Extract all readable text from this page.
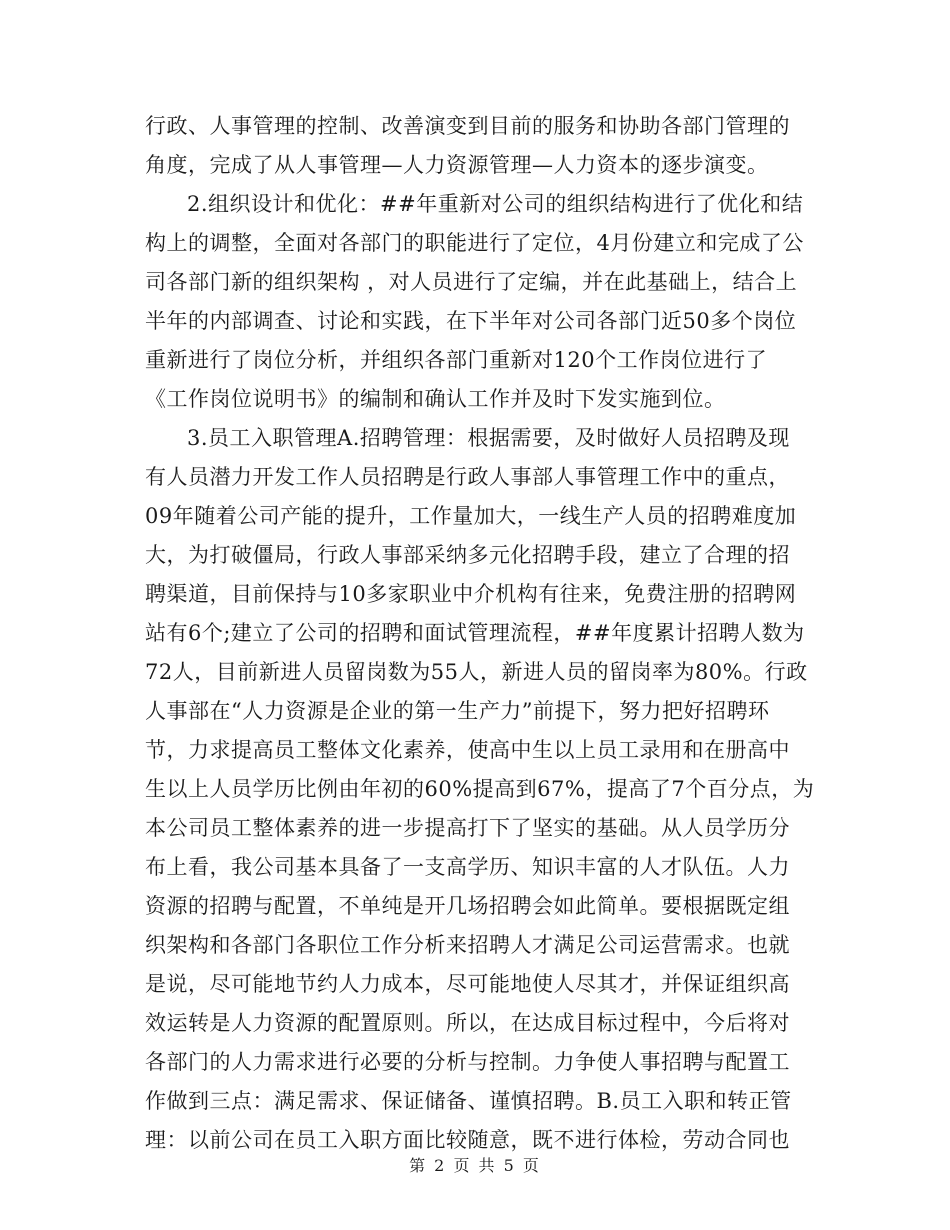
行政、人事管理的控制、改善演变到目前的服务和协助各部门管理的
角度，完成了从人事管理—人力资源管理—人力资本的逐步演变。
2.组织设计和优化：##年重新对公司的组织结构进行了优化和结
构上的调整，全面对各部门的职能进行了定位，4月份建立和完成了公
司各部门新的组织架构 ，对人员进行了定编，并在此基础上，结合上
半年的内部调查、讨论和实践，在下半年对公司各部门近50多个岗位
重新进行了岗位分析，并组织各部门重新对120个工作岗位进行了
《工作岗位说明书》的编制和确认工作并及时下发实施到位。
3.员工入职管理A.招聘管理：根据需要，及时做好人员招聘及现
有人员潜力开发工作人员招聘是行政人事部人事管理工作中的重点，
09年随着公司产能的提升，工作量加大，一线生产人员的招聘难度加
大，为打破僵局，行政人事部采纳多元化招聘手段，建立了合理的招
聘渠道，目前保持与10多家职业中介机构有往来，免费注册的招聘网
站有6个;建立了公司的招聘和面试管理流程，##年度累计招聘人数为
72人，目前新进人员留岗数为55人，新进人员的留岗率为80%。行政
人事部在“人力资源是企业的第一生产力”前提下，努力把好招聘环
节，力求提高员工整体文化素养，使高中生以上员工录用和在册高中
生以上人员学历比例由年初的60%提高到67%，提高了7个百分点，为
本公司员工整体素养的进一步提高打下了坚实的基础。从人员学历分
布上看，我公司基本具备了一支高学历、知识丰富的人才队伍。人力
资源的招聘与配置，不单纯是开几场招聘会如此简单。要根据既定组
织架构和各部门各职位工作分析来招聘人才满足公司运营需求。也就
是说，尽可能地节约人力成本，尽可能地使人尽其才，并保证组织高
效运转是人力资源的配置原则。所以，在达成目标过程中，今后将对
各部门的人力需求进行必要的分析与控制。力争使人事招聘与配置工
作做到三点：满足需求、保证储备、谨慎招聘。B.员工入职和转正管
理：以前公司在员工入职方面比较随意，既不进行体检，劳动合同也
第 2 页 共 5 页
